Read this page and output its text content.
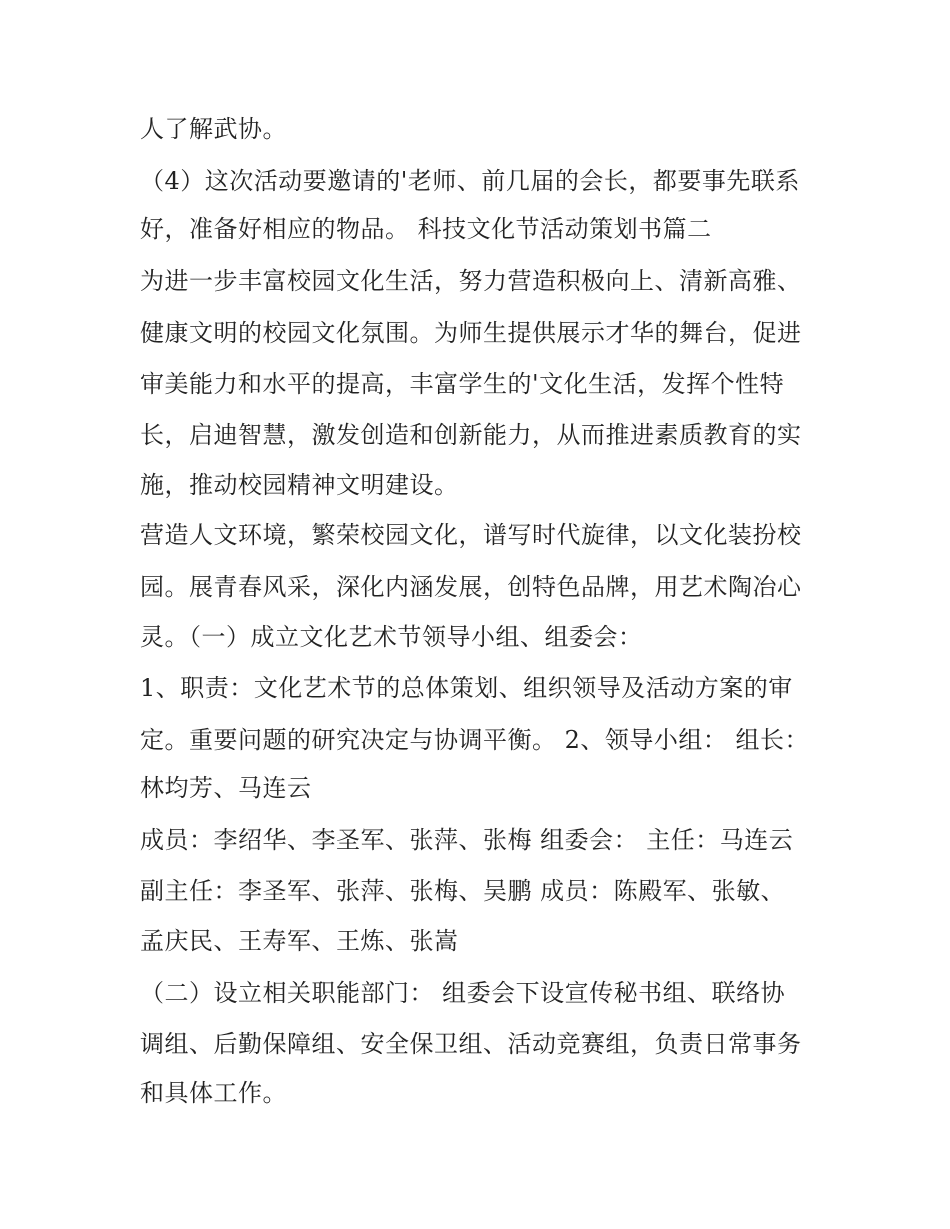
人了解武协。

（4）这次活动要邀请的'老师、前几届的会长，都要事先联系

好，准备好相应的物品。 科技文化节活动策划书篇二

为进一步丰富校园文化生活，努力营造积极向上、清新高雅、

健康文明的校园文化氛围。为师生提供展示才华的舞台，促进

审美能力和水平的提高，丰富学生的'文化生活，发挥个性特

长，启迪智慧，激发创造和创新能力，从而推进素质教育的实

施，推动校园精神文明建设。

营造人文环境，繁荣校园文化，谱写时代旋律，以文化装扮校

园。展青春风采，深化内涵发展，创特色品牌，用艺术陶冶心

灵。（一）成立文化艺术节领导小组、组委会：

1、职责：文化艺术节的总体策划、组织领导及活动方案的审

定。重要问题的研究决定与协调平衡。 2、领导小组： 组长：

林均芳、马连云

成员：李绍华、李圣军、张萍、张梅 组委会： 主任：马连云

副主任：李圣军、张萍、张梅、吴鹏 成员：陈殿军、张敏、

孟庆民、王寿军、王炼、张嵩

（二）设立相关职能部门： 组委会下设宣传秘书组、联络协

调组、后勤保障组、安全保卫组、活动竞赛组，负责日常事务

和具体工作。
